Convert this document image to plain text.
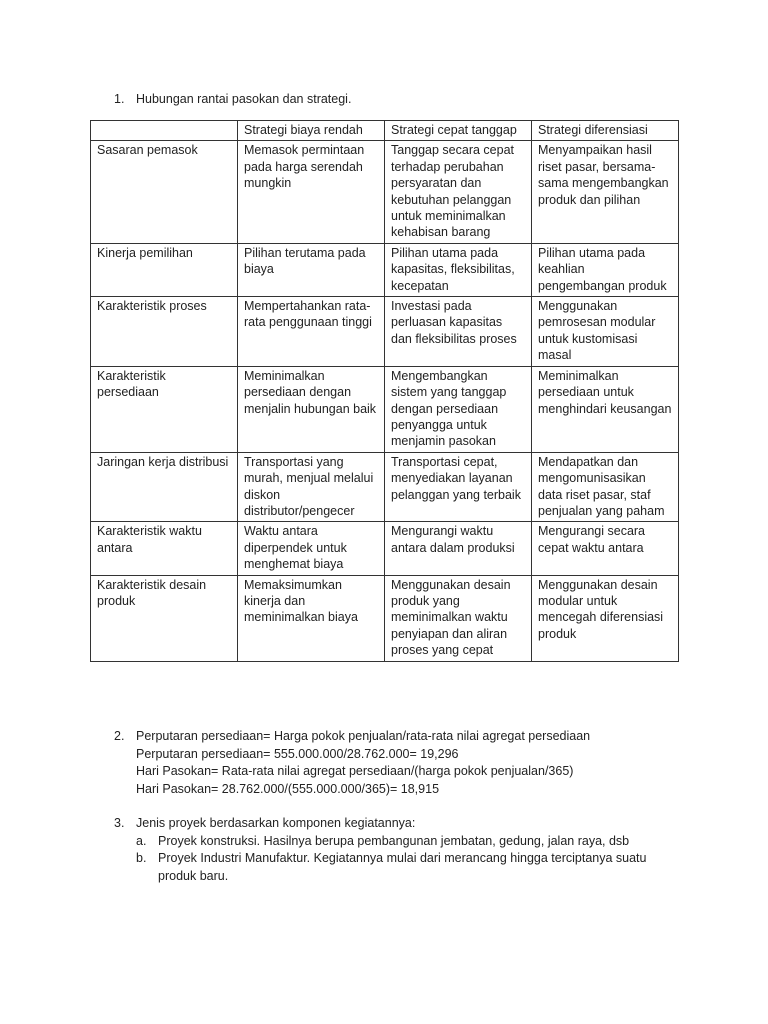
1. Hubungan rantai pasokan dan strategi.
	Strategi biaya rendah	Strategi cepat tanggap	Strategi diferensiasi
Sasaran pemasok	Memasok permintaan pada harga serendah mungkin	Tanggap secara cepat terhadap perubahan persyaratan dan kebutuhan pelanggan untuk meminimalkan kehabisan barang	Menyampaikan hasil riset pasar, bersama-sama mengembangkan produk dan pilihan
Kinerja pemilihan	Pilihan terutama pada biaya	Pilihan utama pada kapasitas, fleksibilitas, kecepatan	Pilihan utama pada keahlian pengembangan produk
Karakteristik proses	Mempertahankan rata-rata penggunaan tinggi	Investasi pada perluasan kapasitas dan fleksibilitas proses	Menggunakan pemrosesan modular untuk kustomisasi masal
Karakteristik persediaan	Meminimalkan persediaan dengan menjalin hubungan baik	Mengembangkan sistem yang tanggap dengan persediaan penyangga untuk menjamin pasokan	Meminimalkan persediaan untuk menghindari keusangan
Jaringan kerja distribusi	Transportasi yang murah, menjual melalui diskon distributor/pengecer	Transportasi cepat, menyediakan layanan pelanggan yang terbaik	Mendapatkan dan mengomunisasikan data riset pasar, staf penjualan yang paham
Karakteristik waktu antara	Waktu antara diperpendek untuk menghemat biaya	Mengurangi waktu antara dalam produksi	Mengurangi secara cepat waktu antara
Karakteristik desain produk	Memaksimumkan kinerja dan meminimalkan biaya	Menggunakan desain produk yang meminimalkan waktu penyiapan dan aliran proses yang cepat	Menggunakan desain modular untuk mencegah diferensiasi produk
2. Perputaran persediaan= Harga pokok penjualan/rata-rata nilai agregat persediaan
Perputaran persediaan= 555.000.000/28.762.000= 19,296
Hari Pasokan= Rata-rata nilai agregat persediaan/(harga pokok penjualan/365)
Hari Pasokan= 28.762.000/(555.000.000/365)= 18,915
3. Jenis proyek berdasarkan komponen kegiatannya:
a. Proyek konstruksi. Hasilnya berupa pembangunan jembatan, gedung, jalan raya, dsb
b. Proyek Industri Manufaktur. Kegiatannya mulai dari merancang hingga terciptanya suatu produk baru.
